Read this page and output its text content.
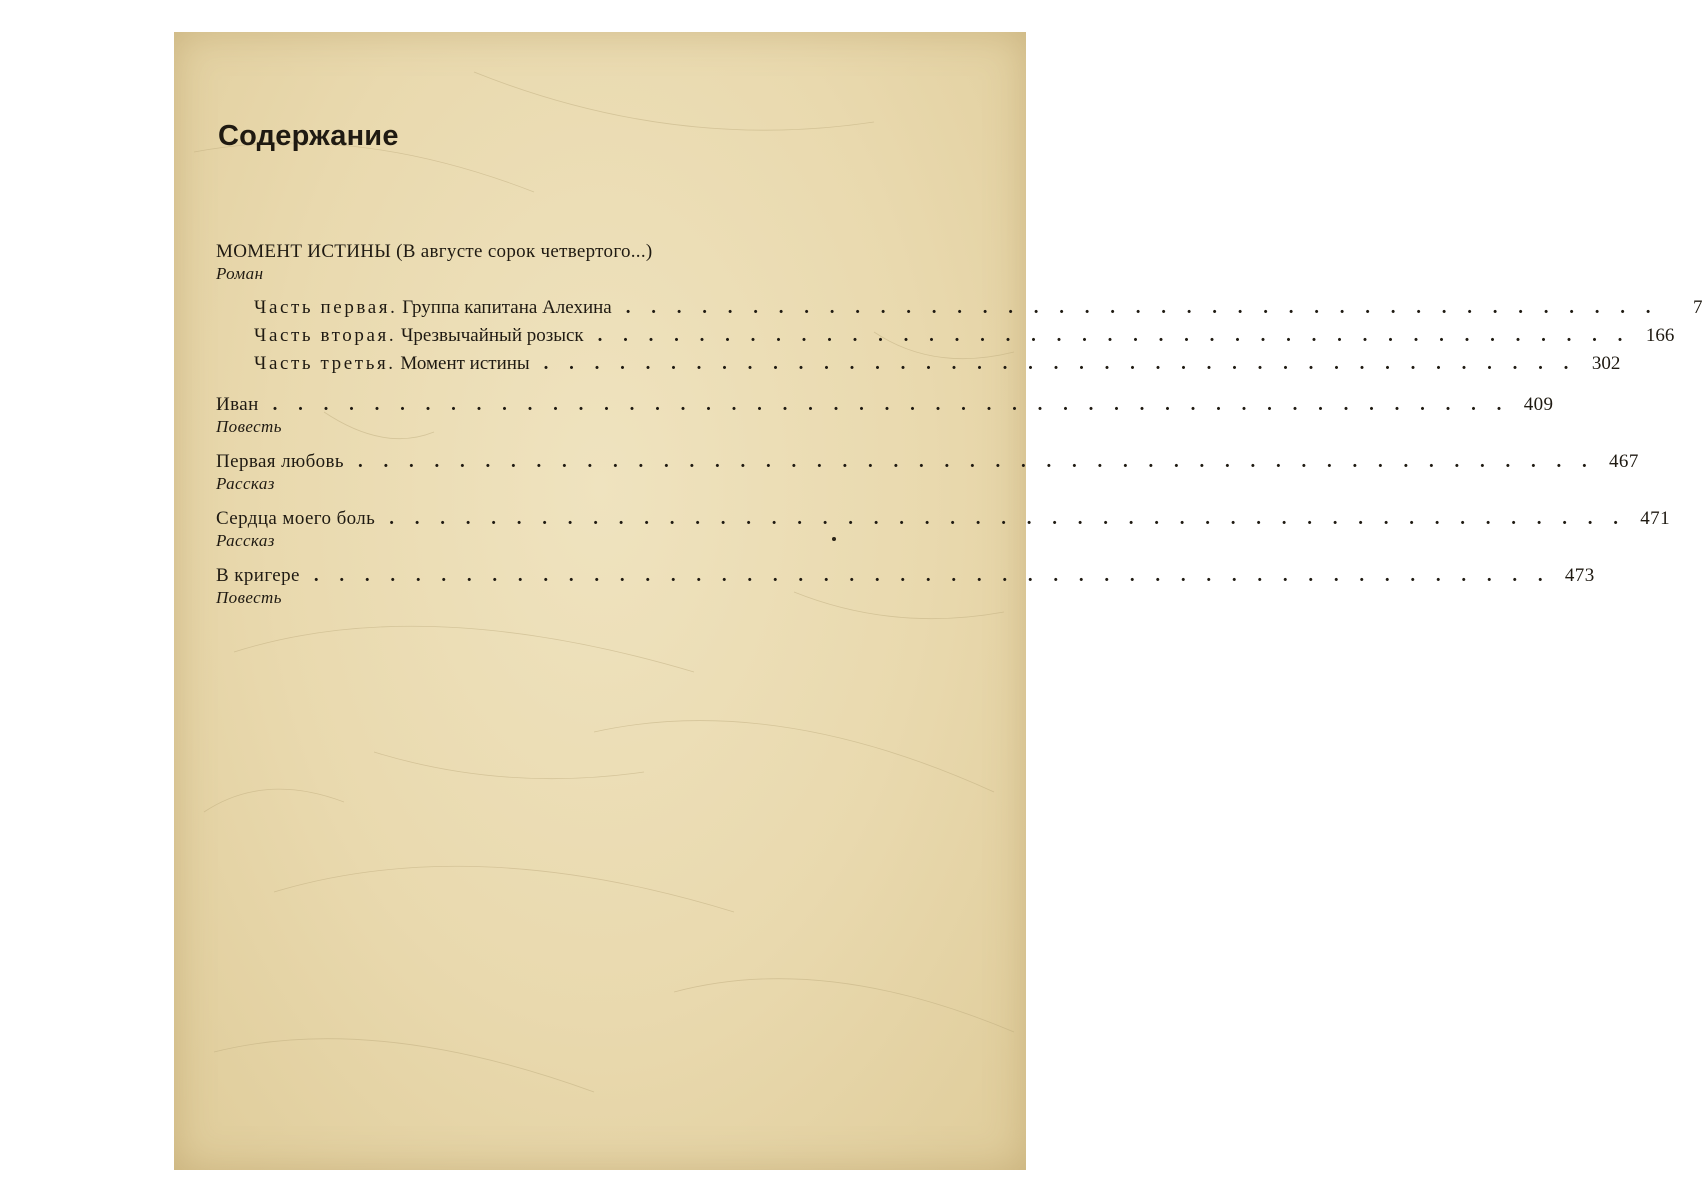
Содержание
МОМЕНТ ИСТИНЫ (В августе сорок четвертого...)
Роман
Часть первая.
Группа капитана Алехина . . . . . . . . . . . . . . . . . . . . . . . . . . . . . . . . . . . . . . . . .	7
Часть вторая.
Чрезвычайный розыск . . . . . . . . . . . . . . . . . . . . . . . . . . . . . . . . . . . . . . . . . 166
Часть третья.
Момент истины . . . . . . . . . . . . . . . . . . . . . . . . . . . . . . . . . . . . . . . . . 302
Иван . . . . . . . . . . . . . . . . . . . . . . . . . . . . . . . . . . . . . . . . . . . . . . . . . 409
Повесть
Первая любовь . . . . . . . . . . . . . . . . . . . . . . . . . . . . . . . . . . . . . . . . . . . . . . . . . 467
Рассказ
Сердца моего боль . . . . . . . . . . . . . . . . . . . . . . . . . . . . . . . . . . . . . . . . . . . . . . . . . 471
Рассказ
В кригере . . . . . . . . . . . . . . . . . . . . . . . . . . . . . . . . . . . . . . . . . . . . . . . . . 473
Повесть
